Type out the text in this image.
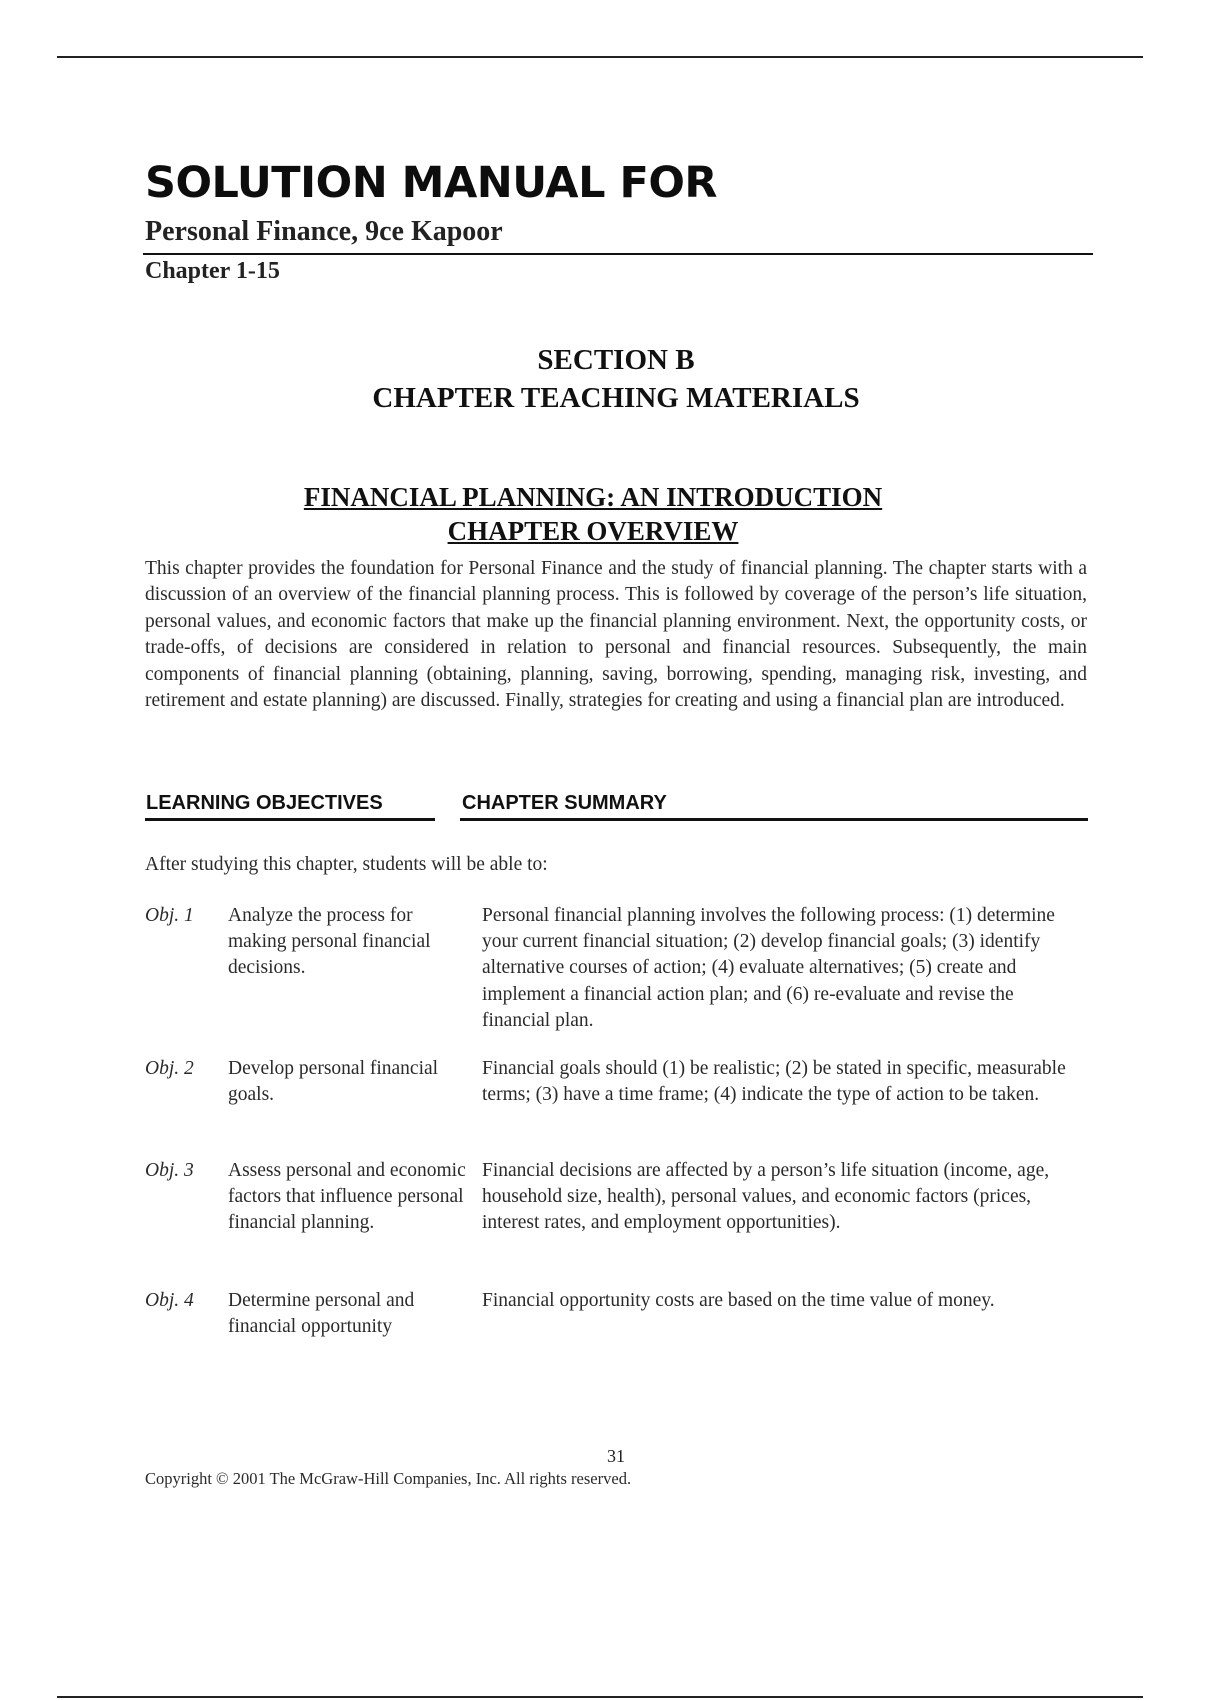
SOLUTION MANUAL FOR
Personal Finance, 9ce Kapoor
Chapter 1-15
SECTION B
CHAPTER TEACHING MATERIALS
FINANCIAL PLANNING: AN INTRODUCTION
CHAPTER OVERVIEW
This chapter provides the foundation for Personal Finance and the study of financial planning. The chapter starts with a discussion of an overview of the financial planning process. This is followed by coverage of the person’s life situation, personal values, and economic factors that make up the financial planning environment. Next, the opportunity costs, or trade-offs, of decisions are considered in relation to personal and financial resources. Subsequently, the main components of financial planning (obtaining, planning, saving, borrowing, spending, managing risk, investing, and retirement and estate planning) are discussed. Finally, strategies for creating and using a financial plan are introduced.
LEARNING OBJECTIVES	CHAPTER SUMMARY
After studying this chapter, students will be able to:
Obj. 1 Analyze the process for making personal financial decisions.
Personal financial planning involves the following process: (1) determine your current financial situation; (2) develop financial goals; (3) identify alternative courses of action; (4) evaluate alternatives; (5) create and implement a financial action plan; and (6) re-evaluate and revise the financial plan.
Obj. 2 Develop personal financial goals.
Financial goals should (1) be realistic; (2) be stated in specific, measurable terms; (3) have a time frame; (4) indicate the type of action to be taken.
Obj. 3 Assess personal and economic factors that influence personal financial planning.
Financial decisions are affected by a person’s life situation (income, age, household size, health), personal values, and economic factors (prices, interest rates, and employment opportunities).
Obj. 4 Determine personal and financial opportunity
Financial opportunity costs are based on the time value of money.
31
Copyright © 2001 The McGraw-Hill Companies, Inc. All rights reserved.
